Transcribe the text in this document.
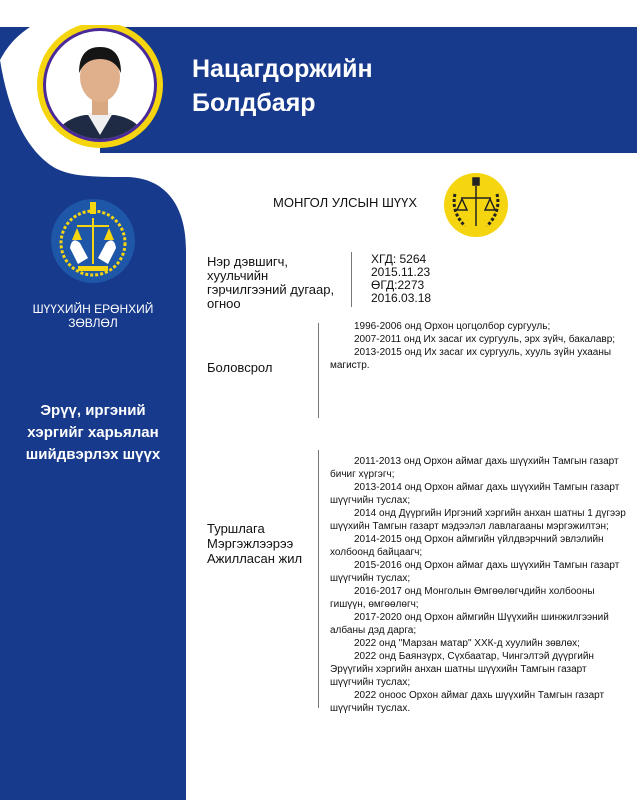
Нацагдоржийн
Болдбаяр
ШҮҮХИЙН ЕРӨНХИЙ
ЗӨВЛӨЛ
Эрүү, иргэний
хэргийг харьялан
шийдвэрлэх шүүх
МОНГОЛ УЛСЫН ШҮҮХ
Нэр дэвшигч,
хуульчийн
гэрчилгээний дугаар,
огноо
ХГД: 5264
2015.11.23
ӨГД:2273
2016.03.18
Боловсрол

1996-2006 онд Орхон цогцолбор сургууль;

2007-2011 онд Их засаг их сургууль, эрх зүйч, бакалавр;

2013-2015 онд Их засаг их сургууль, хууль зүйн ухааны магистр.

Туршлага
Мэргэжлээрээ
Ажилласан жил

2011-2013 онд Орхон аймаг дахь шүүхийн Тамгын газарт бичиг хүргэгч;

2013-2014 онд Орхон аймаг дахь шүүхийн Тамгын газарт шүүгчийн туслах;

2014 онд Дүүргийн Иргэний хэргийн анхан шатны 1 дүгээр шүүхийн Тамгын газарт мэдээлэл лавлагааны мэргэжилтэн;

2014-2015 онд Орхон аймгийн үйлдвэрчний эвлэлийн холбоонд байцаагч;

2015-2016 онд Орхон аймаг дахь шүүхийн Тамгын газарт шүүгчийн туслах;

2016-2017 онд Монголын Өмгөөлөгчдийн холбооны гишүүн, өмгөөлөгч;

2017-2020 онд Орхон аймгийн Шүүхийн шинжилгээний албаны дэд дарга;

2022 онд "Марзан матар" ХХК-д хуулийн зөвлөх;

2022 онд Баянзүрх, Сүхбаатар, Чингэлтэй дүүргийн Эрүүгийн хэргийн анхан шатны шүүхийн Тамгын газарт шүүгчийн туслах;

2022 оноос Орхон аймаг дахь шүүхийн Тамгын газарт шүүгчийн туслах.
